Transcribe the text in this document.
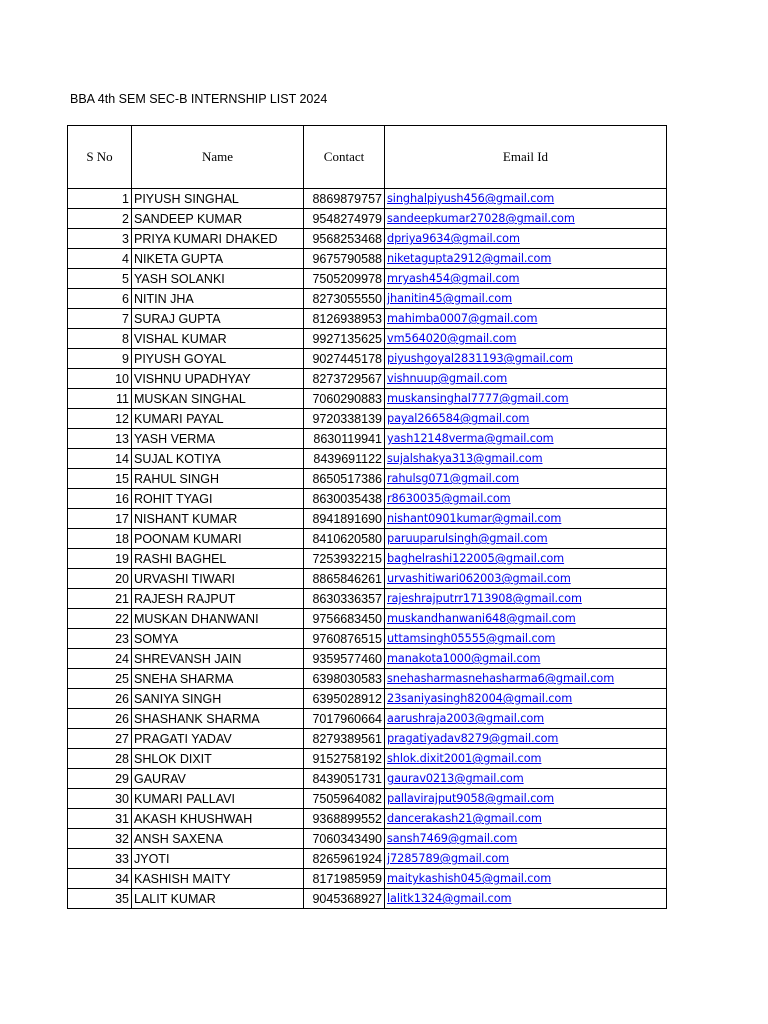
BBA 4th SEM SEC-B INTERNSHIP LIST 2024
S No	Name	Contact	Email Id
1	PIYUSH SINGHAL	8869879757	singhalpiyush456@gmail.com
2	SANDEEP KUMAR	9548274979	sandeepkumar27028@gmail.com
3	PRIYA KUMARI DHAKED	9568253468	dpriya9634@gmail.com
4	NIKETA GUPTA	9675790588	niketagupta2912@gmail.com
5	YASH SOLANKI	7505209978	mryash454@gmail.com
6	NITIN JHA	8273055550	jhanitin45@gmail.com
7	SURAJ GUPTA	8126938953	mahimba0007@gmail.com
8	VISHAL KUMAR	9927135625	vm564020@gmail.com
9	PIYUSH GOYAL	9027445178	piyushgoyal2831193@gmail.com
10	VISHNU UPADHYAY	8273729567	vishnuup@gmail.com
11	MUSKAN SINGHAL	7060290883	muskansinghal7777@gmail.com
12	KUMARI PAYAL	9720338139	payal266584@gmail.com
13	YASH VERMA	8630119941	yash12148verma@gmail.com
14	SUJAL KOTIYA	8439691122	sujalshakya313@gmail.com
15	RAHUL SINGH	8650517386	rahulsg071@gmail.com
16	ROHIT TYAGI	8630035438	r8630035@gmail.com
17	NISHANT KUMAR	8941891690	nishant0901kumar@gmail.com
18	POONAM KUMARI	8410620580	paruuparulsingh@gmail.com
19	RASHI BAGHEL	7253932215	baghelrashi122005@gmail.com
20	URVASHI TIWARI	8865846261	urvashitiwari062003@gmail.com
21	RAJESH RAJPUT	8630336357	rajeshrajputrr1713908@gmail.com
22	MUSKAN DHANWANI	9756683450	muskandhanwani648@gmail.com
23	SOMYA	9760876515	uttamsingh05555@gmail.com
24	SHREVANSH JAIN	9359577460	manakota1000@gmail.com
25	SNEHA SHARMA	6398030583	snehasharmasnehasharma6@gmail.com
26	SANIYA SINGH	6395028912	23saniyasingh82004@gmail.com
26	SHASHANK SHARMA	7017960664	aarushraja2003@gmail.com
27	PRAGATI YADAV	8279389561	pragatiyadav8279@gmail.com
28	SHLOK DIXIT	9152758192	shlok.dixit2001@gmail.com
29	GAURAV	8439051731	gaurav0213@gmail.com
30	KUMARI PALLAVI	7505964082	pallavirajput9058@gmail.com
31	AKASH KHUSHWAH	9368899552	dancerakash21@gmail.com
32	ANSH SAXENA	7060343490	sansh7469@gmail.com
33	JYOTI	8265961924	j7285789@gmail.com
34	KASHISH MAITY	8171985959	maitykashish045@gmail.com
35	LALIT KUMAR	9045368927	lalitk1324@gmail.com
